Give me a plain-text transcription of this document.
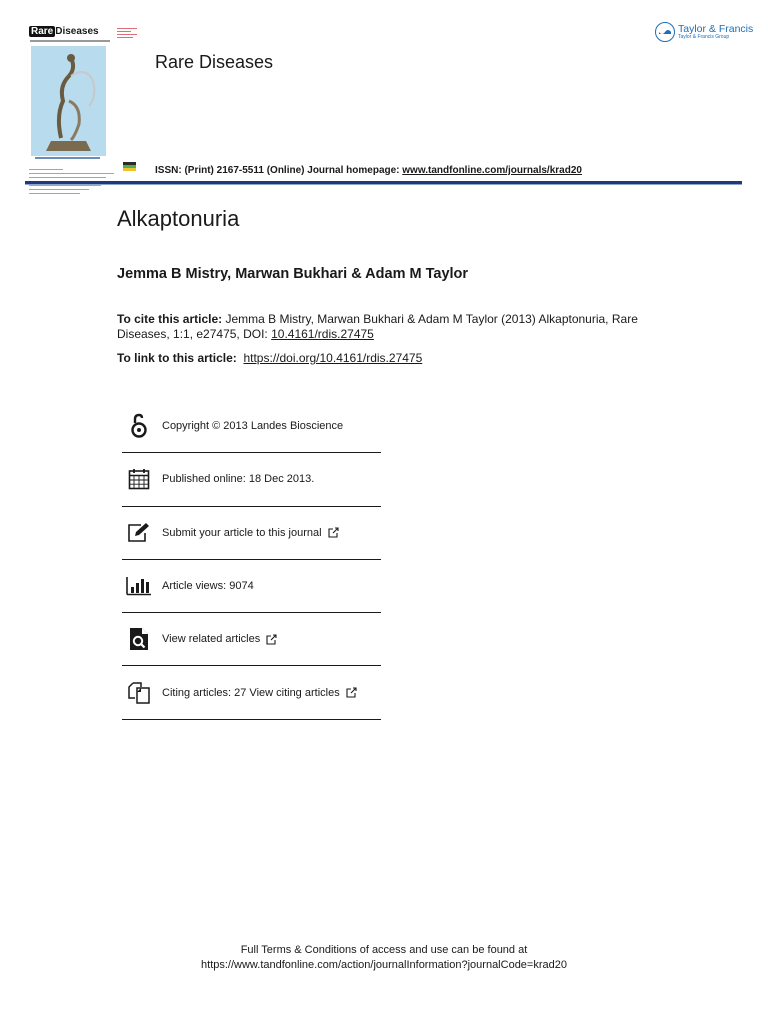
Rare Diseases
Rare Diseases
Taylor & Francis
Taylor & Francis Group
ISSN: (Print) 2167-5511 (Online) Journal homepage: www.tandfonline.com/journals/krad20
Alkaptonuria
Jemma B Mistry, Marwan Bukhari & Adam M Taylor
To cite this article: Jemma B Mistry, Marwan Bukhari & Adam M Taylor (2013) Alkaptonuria, Rare Diseases, 1:1, e27475, DOI: 10.4161/rdis.27475
To link to this article: https://doi.org/10.4161/rdis.27475
Copyright © 2013 Landes Bioscience
Published online: 18 Dec 2013.
Submit your article to this journal
Article views: 9074
View related articles
Citing articles: 27 View citing articles
Full Terms & Conditions of access and use can be found at
https://www.tandfonline.com/action/journalInformation?journalCode=krad20
